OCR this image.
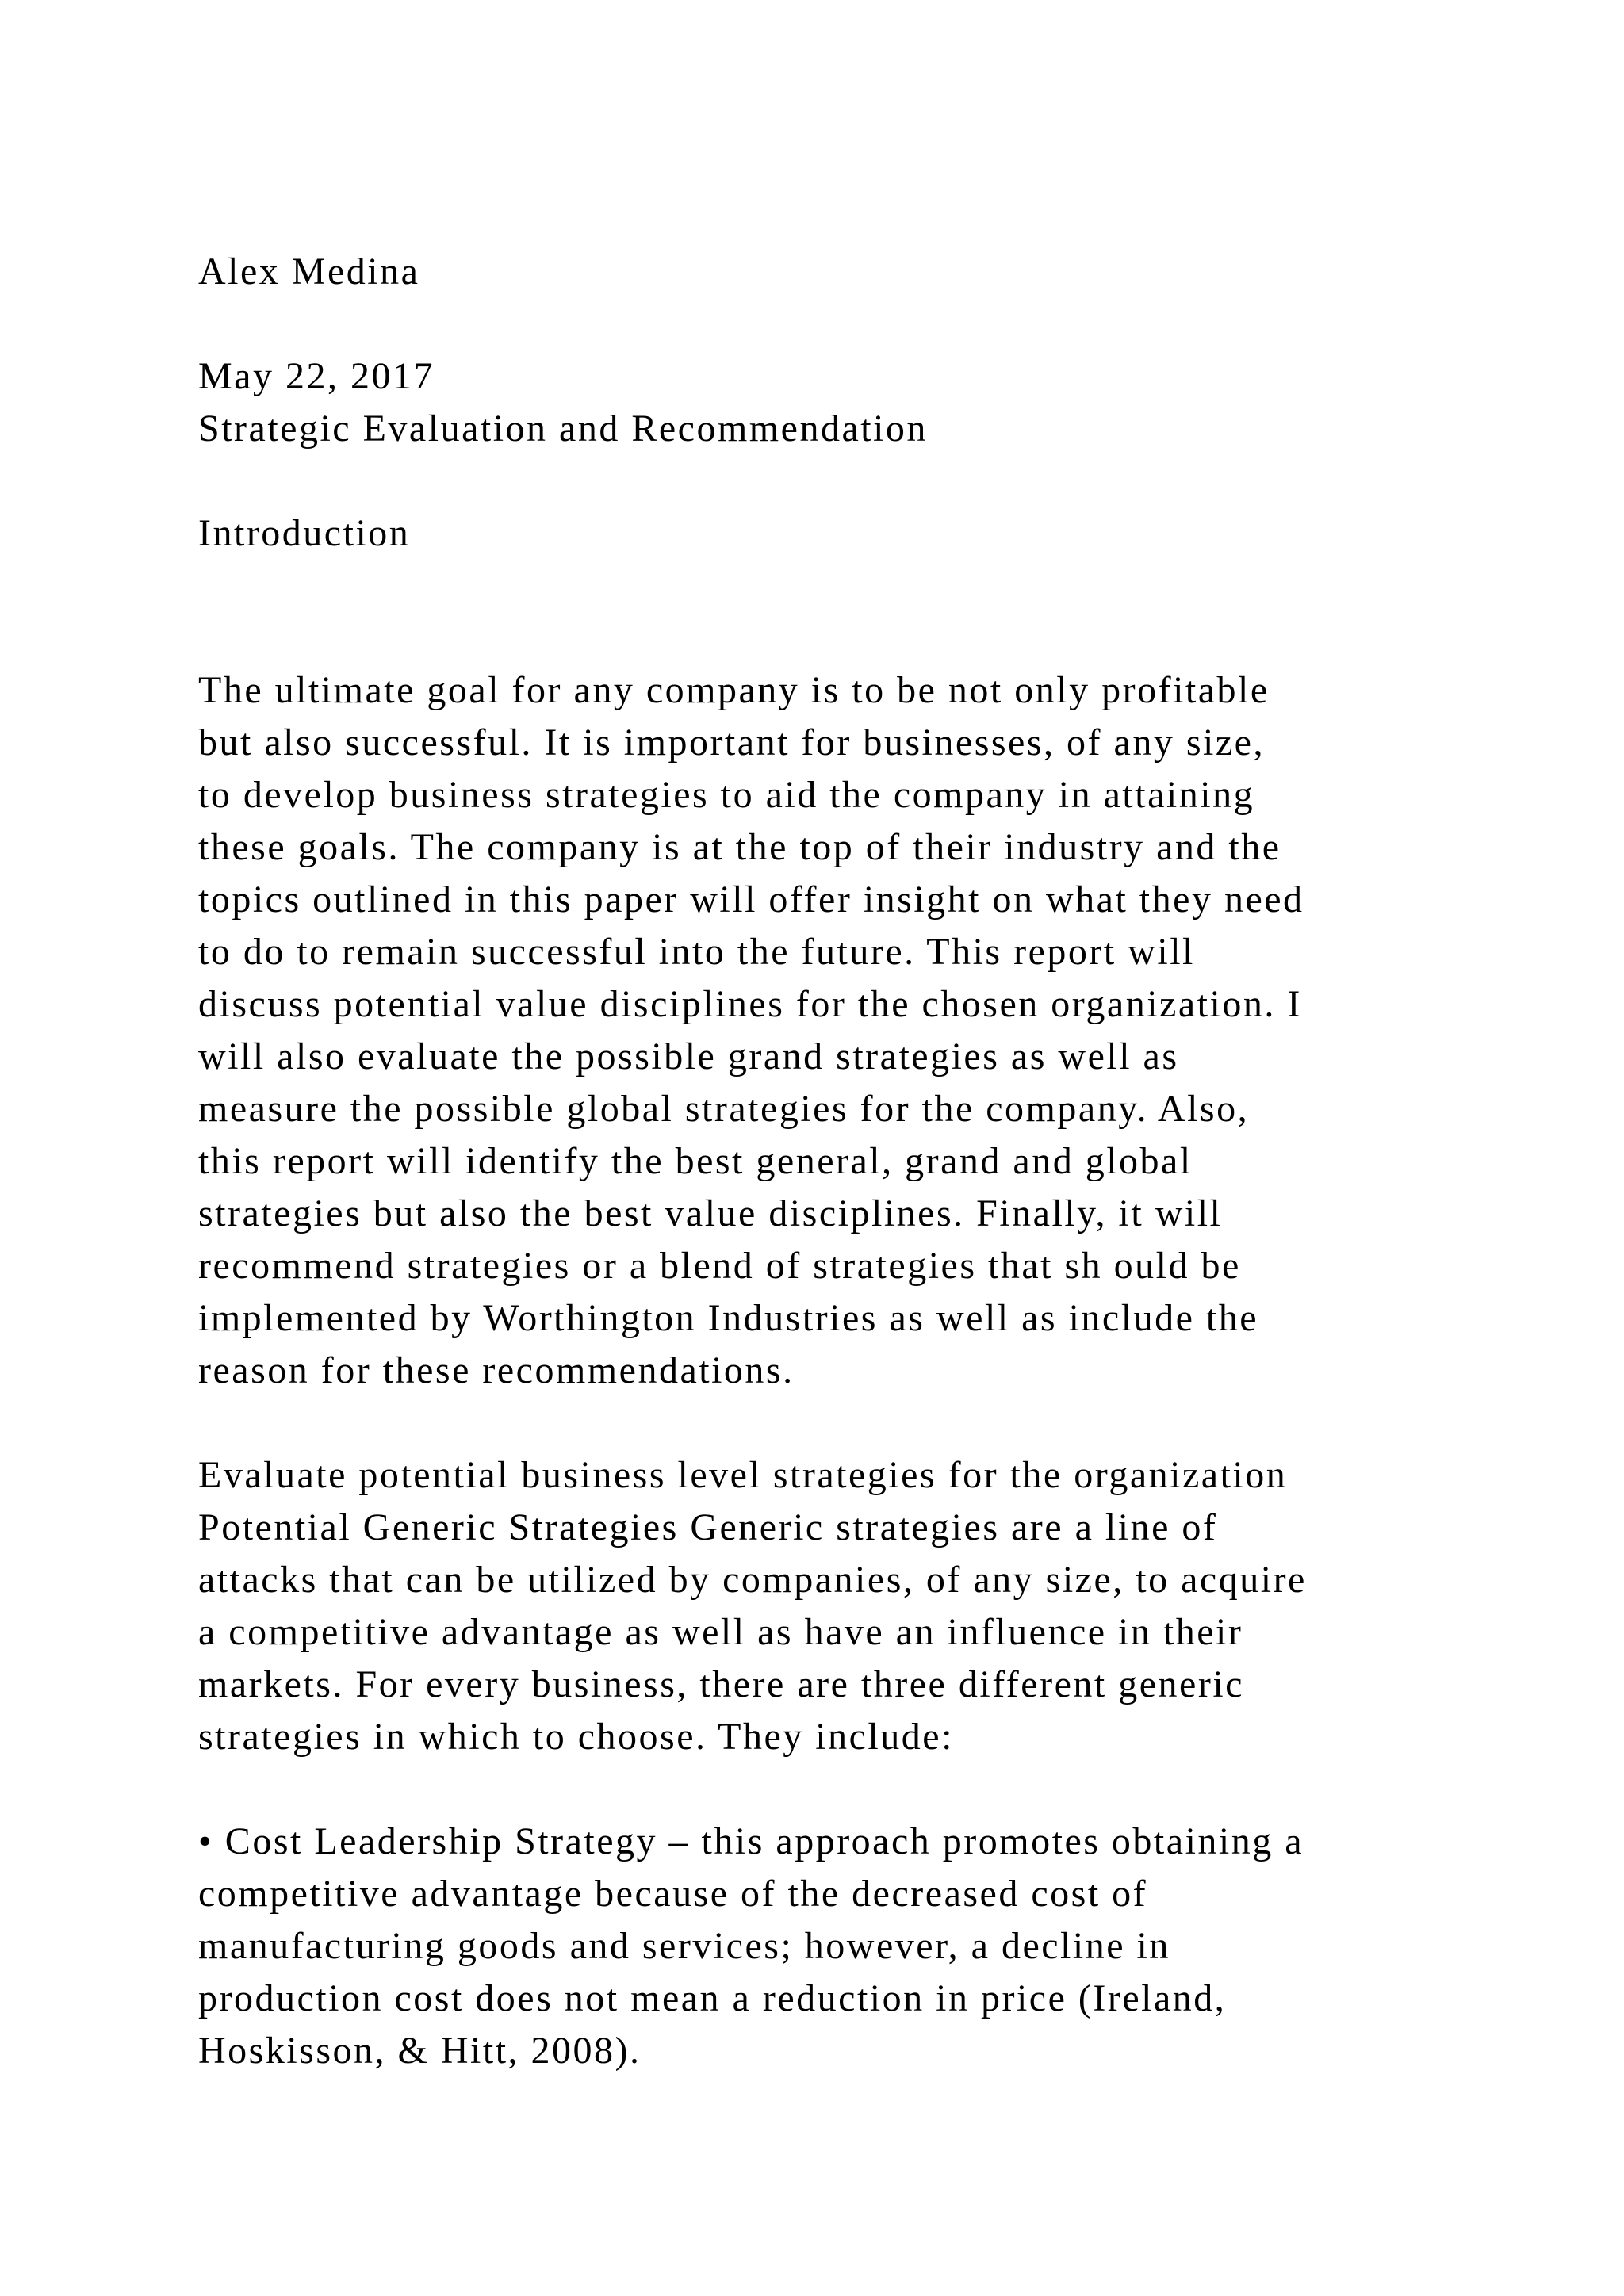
Alex Medina
May 22, 2017
Strategic Evaluation and Recommendation
Introduction
The ultimate goal for any company is to be not only profitable
but also successful. It is important for businesses, of any size,
to develop business strategies to aid the company in attaining
these goals. The company is at the top of their industry and the
topics outlined in this paper will offer insight on what they need
to do to remain successful into the future. This report will
discuss potential value disciplines for the chosen organization. I
will also evaluate the possible grand strategies as well as
measure the possible global strategies for the company. Also,
this report will identify the best general, grand and global
strategies but also the best value disciplines. Finally, it will
recommend strategies or a blend of strategies that sh ould be
implemented by Worthington Industries as well as include the
reason for these recommendations.
Evaluate potential business level strategies for the organization
Potential Generic Strategies Generic strategies are a line of
attacks that can be utilized by companies, of any size, to acquire
a competitive advantage as well as have an influence in their
markets. For every business, there are three different generic
strategies in which to choose. They include:
• Cost Leadership Strategy – this approach promotes obtaining a
competitive advantage because of the decreased cost of
manufacturing goods and services; however, a decline in
production cost does not mean a reduction in price (Ireland,
Hoskisson, & Hitt, 2008).
